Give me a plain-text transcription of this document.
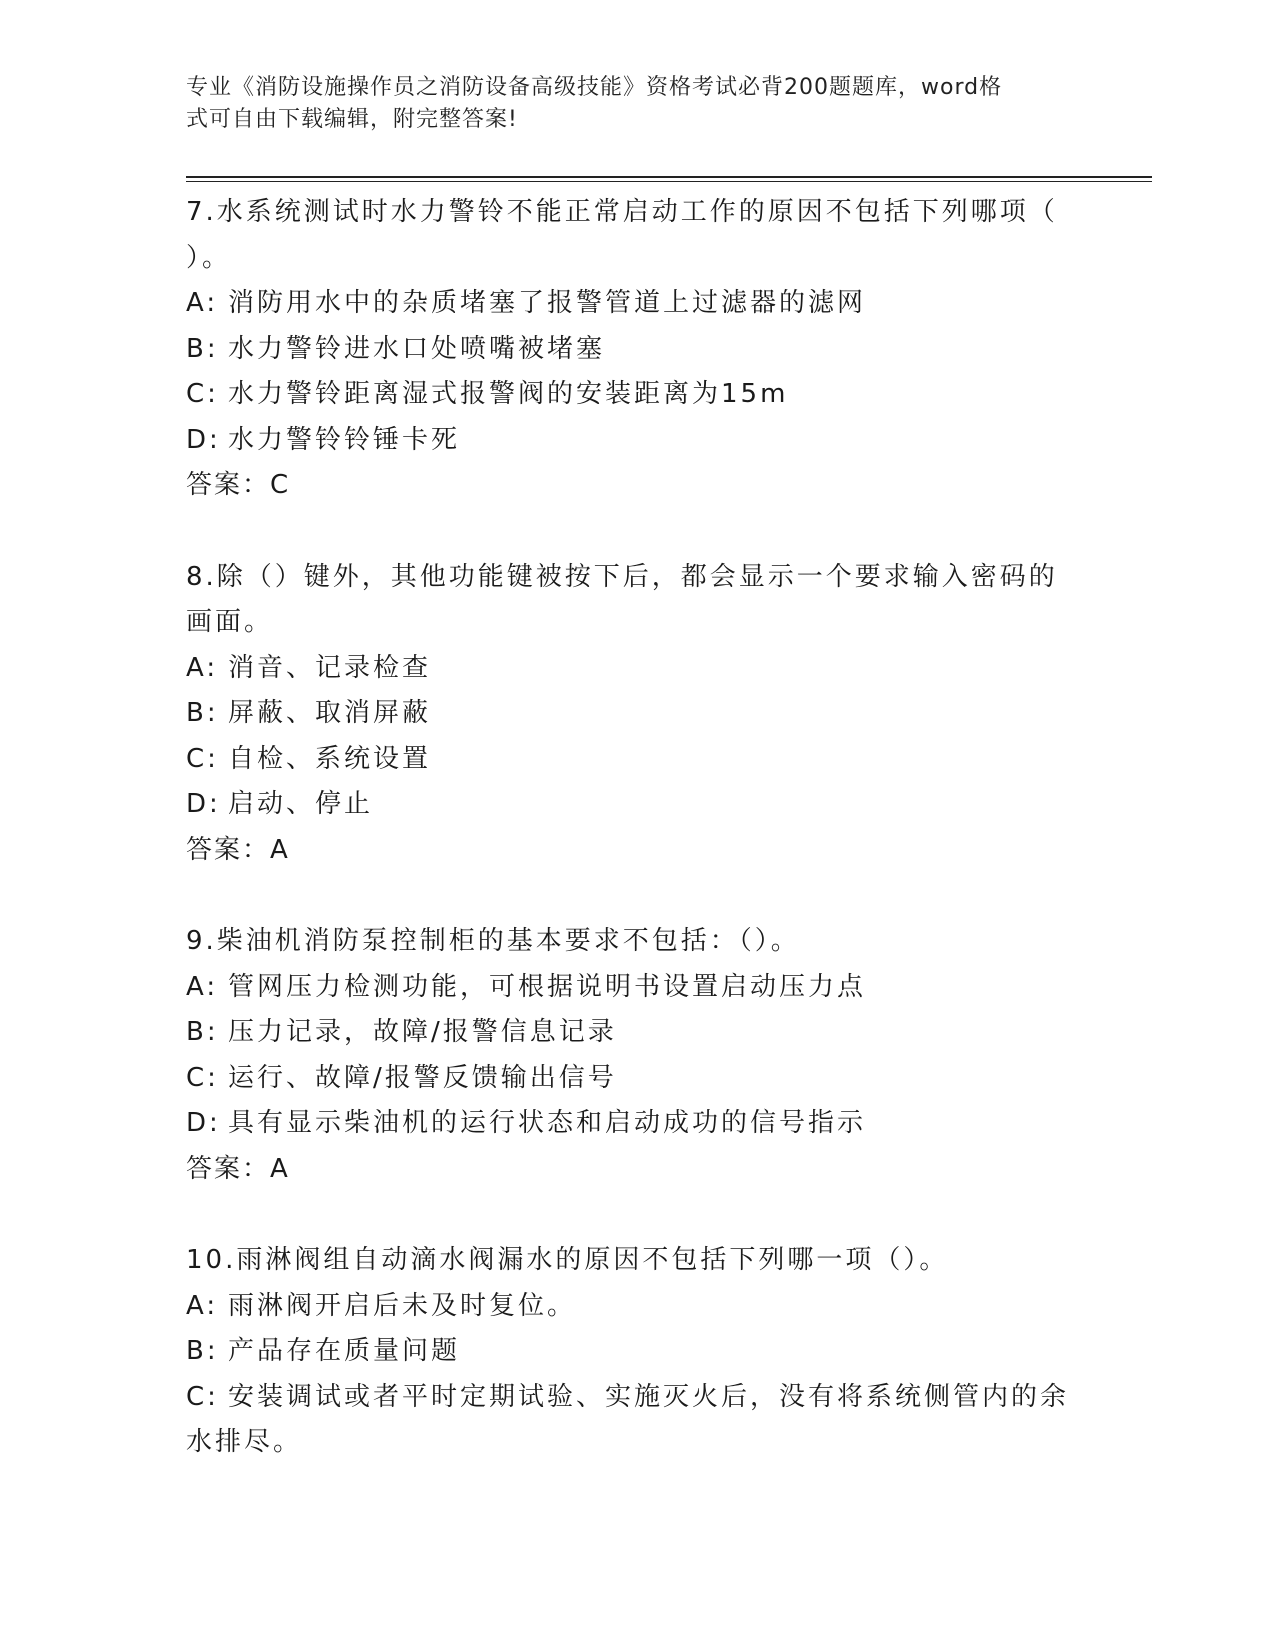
专业《消防设施操作员之消防设备高级技能》资格考试必背200题题库，word格
式可自由下载编辑，附完整答案!
7.水系统测试时水力警铃不能正常启动工作的原因不包括下列哪项（
）。
A: 消防用水中的杂质堵塞了报警管道上过滤器的滤网
B: 水力警铃进水口处喷嘴被堵塞
C: 水力警铃距离湿式报警阀的安装距离为15m
D: 水力警铃铃锤卡死
答案：C
8.除（）键外，其他功能键被按下后，都会显示一个要求输入密码的
画面。
A: 消音、记录检查
B: 屏蔽、取消屏蔽
C: 自检、系统设置
D: 启动、停止
答案：A
9.柴油机消防泵控制柜的基本要求不包括：（）。
A: 管网压力检测功能，可根据说明书设置启动压力点
B: 压力记录，故障/报警信息记录
C: 运行、故障/报警反馈输出信号
D: 具有显示柴油机的运行状态和启动成功的信号指示
答案：A
10.雨淋阀组自动滴水阀漏水的原因不包括下列哪一项（）。
A: 雨淋阀开启后未及时复位。
B: 产品存在质量问题
C: 安装调试或者平时定期试验、实施灭火后，没有将系统侧管内的余
水排尽。
